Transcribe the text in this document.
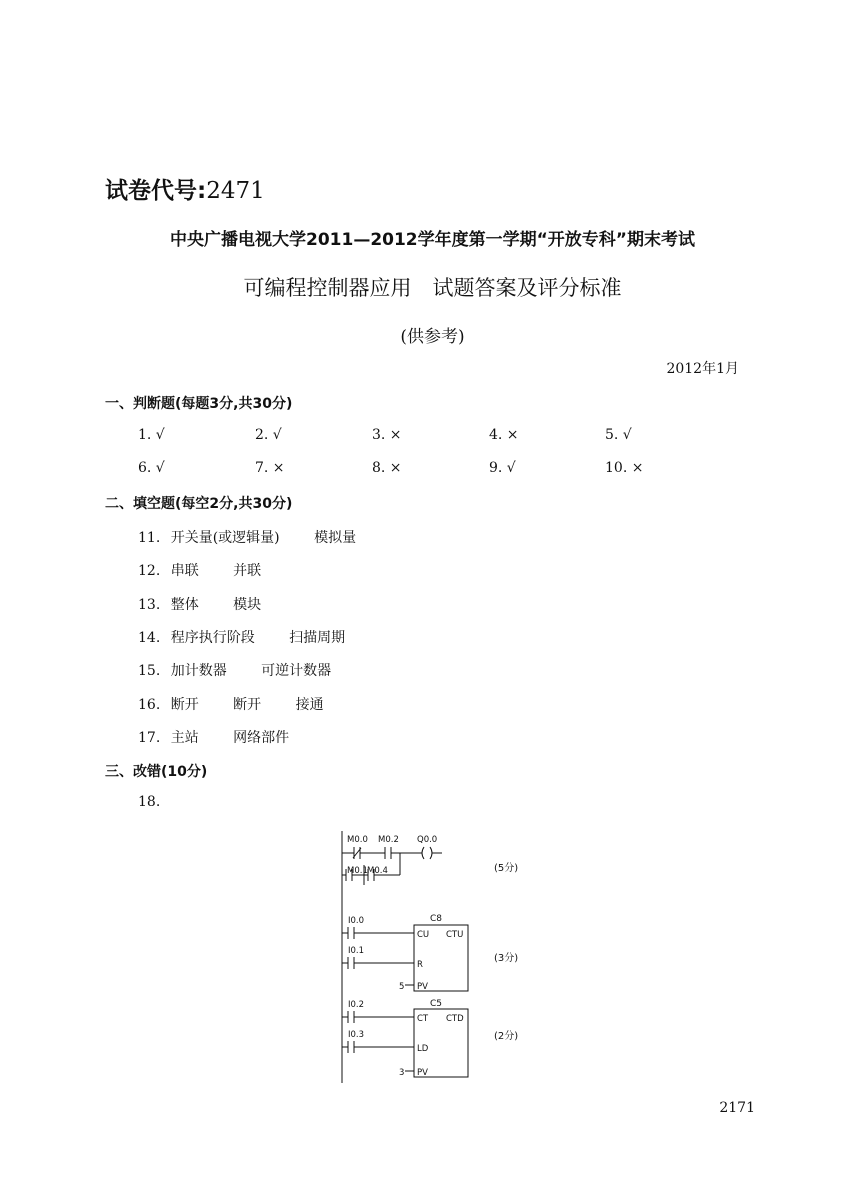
试卷代号:2471
中央广播电视大学2011—2012学年度第一学期“开放专科”期末考试
可编程控制器应用　试题答案及评分标准
(供参考)
2012年1月
一、判断题(每题3分,共30分)
1. √	2. √	3. ×	4. ×	5. √
6. √	7. ×	8. ×	9. √	10. ×
二、填空题(每空2分,共30分)
11. 开关量(或逻辑量) 模拟量
12. 串联 并联
13. 整体 模块
14. 程序执行阶段 扫描周期
15. 加计数器 可逆计数器
16. 断开 断开 接通
17. 主站 网络部件
三、改错(10分)
18.
M0.0 M0.2 Q0.0
M0.1 M0.4	(5分)
I0.0
I0.1
C8
CU CTU
R
5 PV
(3分)
I0.2
I0.3
C5
CT CTD
LD
3 PV
(2分)
2171
